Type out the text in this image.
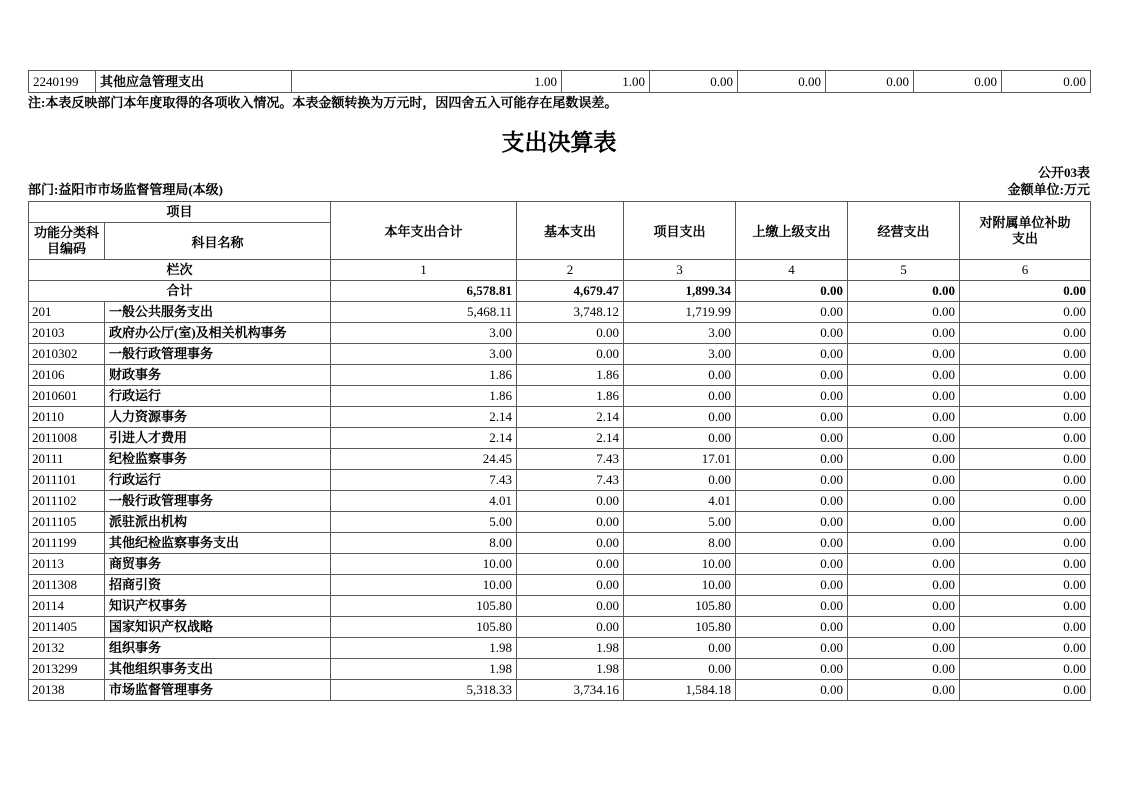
2240199	其他应急管理支出	1.00	1.00	0.00	0.00	0.00	0.00	0.00
注:本表反映部门本年度取得的各项收入情况。本表金额转换为万元时，因四舍五入可能存在尾数误差。
支出决算表
公开03表
部门:益阳市市场监督管理局(本级)	金额单位:万元
项目		本年支出合计	基本支出	项目支出	上缴上级支出	经营支出	对附属单位补助支出
功能分类科目编码	科目名称						
栏次		1	2	3	4	5	6
合计		6,578.81	4,679.47	1,899.34	0.00	0.00	0.00
201	一般公共服务支出	5,468.11	3,748.12	1,719.99	0.00	0.00	0.00
20103	政府办公厅(室)及相关机构事务	3.00	0.00	3.00	0.00	0.00	0.00
2010302	一般行政管理事务	3.00	0.00	3.00	0.00	0.00	0.00
20106	财政事务	1.86	1.86	0.00	0.00	0.00	0.00
2010601	行政运行	1.86	1.86	0.00	0.00	0.00	0.00
20110	人力资源事务	2.14	2.14	0.00	0.00	0.00	0.00
2011008	引进人才费用	2.14	2.14	0.00	0.00	0.00	0.00
20111	纪检监察事务	24.45	7.43	17.01	0.00	0.00	0.00
2011101	行政运行	7.43	7.43	0.00	0.00	0.00	0.00
2011102	一般行政管理事务	4.01	0.00	4.01	0.00	0.00	0.00
2011105	派驻派出机构	5.00	0.00	5.00	0.00	0.00	0.00
2011199	其他纪检监察事务支出	8.00	0.00	8.00	0.00	0.00	0.00
20113	商贸事务	10.00	0.00	10.00	0.00	0.00	0.00
2011308	招商引资	10.00	0.00	10.00	0.00	0.00	0.00
20114	知识产权事务	105.80	0.00	105.80	0.00	0.00	0.00
2011405	国家知识产权战略	105.80	0.00	105.80	0.00	0.00	0.00
20132	组织事务	1.98	1.98	0.00	0.00	0.00	0.00
2013299	其他组织事务支出	1.98	1.98	0.00	0.00	0.00	0.00
20138	市场监督管理事务	5,318.33	3,734.16	1,584.18	0.00	0.00	0.00
